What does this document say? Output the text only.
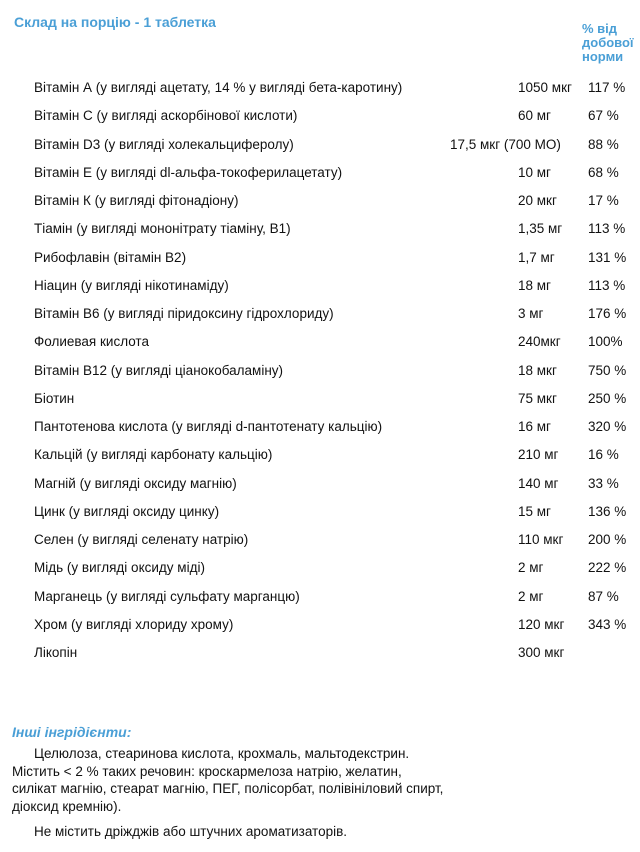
Склад на порцію - 1 таблетка	% від добової норми
Вітамін А (у вигляді ацетату, 14 % у вигляді бета-каротину)	1050 мкг 117 %
Вітамін С (у вигляді аскорбінової кислоти)	60 мг	67 %
Вітамін D3 (у вигляді холекальциферолу)	17,5 мкг (700 МО) 88 %
Вітамін Е (у вигляді dl-альфа-токоферилацетату)	10 мг	68 %
Вітамін К (у вигляді фітонадіону)	20 мкг 17 %
Тіамін (у вигляді мононітрату тіаміну, В1)	1,35 мг 113 %
Рибофлавін (вітамін В2)	1,7 мг 131 %
Ніацин (у вигляді нікотинаміду)	18 мг	113 %
Вітамін В6 (у вигляді піридоксину гідрохлориду)	3 мг	176 %
Фолиевая кислота	240мкг 100%
Вітамін В12 (у вигляді ціанокобаламіну)	18 мкг 750 %
Біотин	75 мкг 250 %
Пантотенова кислота (у вигляді d-пантотенату кальцію)	16 мг	320 %
Кальцій (у вигляді карбонату кальцію)	210 мг 16 %
Магній (у вигляді оксиду магнію)	140 мг 33 %
Цинк (у вигляді оксиду цинку)	15 мг	136 %
Селен (у вигляді селенату натрію)	110 мкг 200 %
Мідь (у вигляді оксиду міді)	2 мг	222 %
Марганець (у вигляді сульфату марганцю)	2 мг	87 %
Хром (у вигляді хлориду хрому)	120 мкг 343 %
Лікопін	300 мкг
Інші інгрідієнти:
Целюлоза, стеаринова кислота, крохмаль, мальтодекстрин.
Містить < 2 % таких речовин: кроскармелоза натрію, желатин,
силікат магнію, стеарат магнію, ПЕГ, полісорбат, полівініловий спирт,
діоксид кремнію).
Не містить дріжджів або штучних ароматизаторів.
